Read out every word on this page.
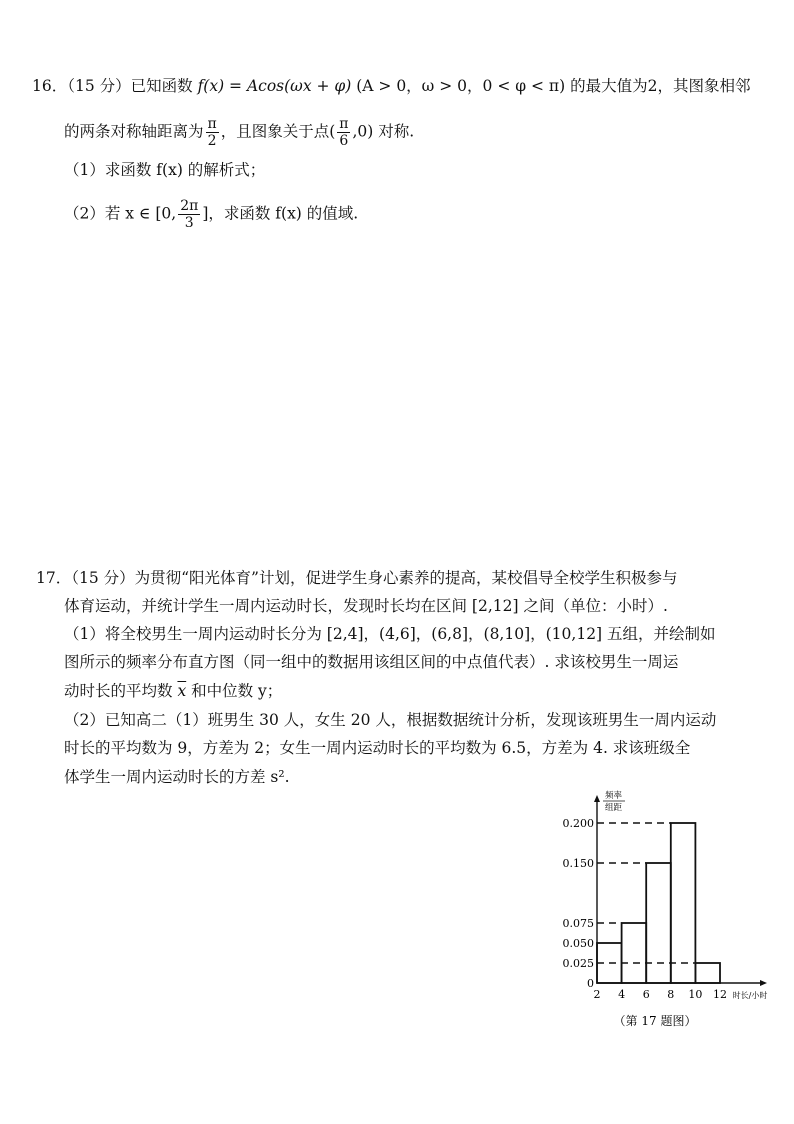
16．（15 分）已知函数 f(x) = Acos(ωx + φ) (A > 0，ω > 0，0 < φ < π) 的最大值为2，其图象相邻
的两条对称轴距离为 $\frac{\pi}{2}$ ，且图象关于点( $\frac{\pi}{6} ,0$) 对称.
（1）求函数 f(x) 的解析式；
（2）若 x ∈ [0, $\frac{2\pi}{3}$ ]，求函数 f(x) 的值域.
17．（15 分）为贯彻“阳光体育”计划，促进学生身心素养的提高，某校倡导全校学生积极参与
体育运动，并统计学生一周内运动时长，发现时长均在区间 [2,12] 之间（单位：小时）.
（1）将全校男生一周内运动时长分为 [2,4]，(4,6]，(6,8]，(8,10]，(10,12] 五组，并绘制如
图所示的频率分布直方图（同一组中的数据用该组区间的中点值代表）. 求该校男生一周运
动时长的平均数 $\overline{x}$ 和中位数 y；
（2）已知高二（1）班男生 30 人，女生 20 人，根据数据统计分析，发现该班男生一周内运动
时长的平均数为 9，方差为 2；女生一周内运动时长的平均数为 6.5，方差为 4. 求该班级全
体学生一周内运动时长的方差 s².
频率
组距
0.200
0.150
0.075
0.050
0.025
0
2 4 6 8 10 12 时长/小时
（第 17 题图）
